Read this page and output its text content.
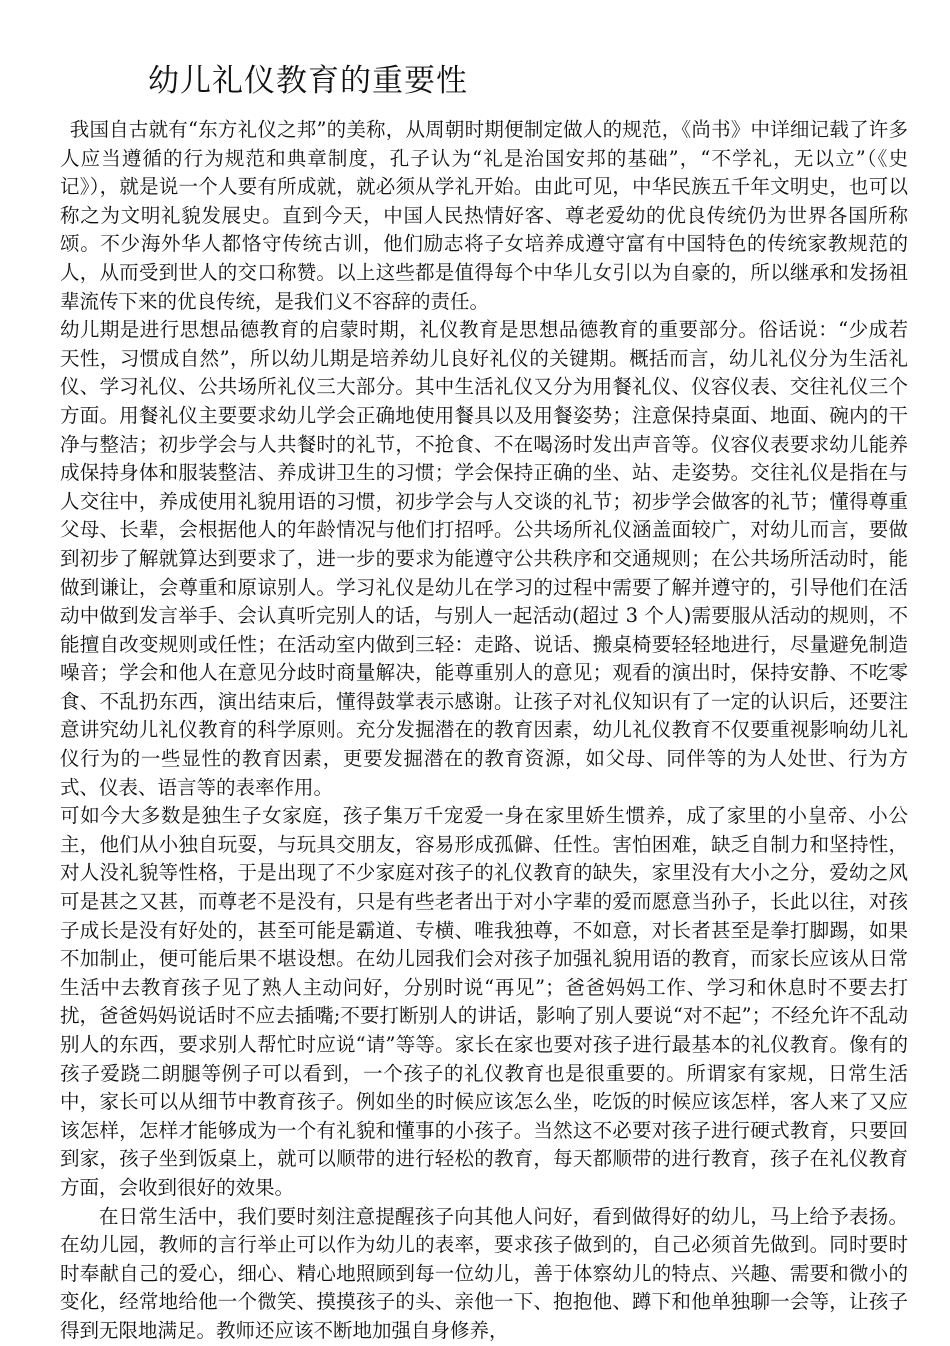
幼儿礼仪教育的重要性

我国自古就有“东方礼仪之邦”的美称，从周朝时期便制定做人的规范，《尚书》中详细记载了许多人应当遵循的行为规范和典章制度，孔子认为“礼是治国安邦的基础”，“不学礼，无以立”（《史记》），就是说一个人要有所成就，就必须从学礼开始。由此可见，中华民族五千年文明史，也可以称之为文明礼貌发展史。直到今天，中国人民热情好客、尊老爱幼的优良传统仍为世界各国所称颂。不少海外华人都恪守传统古训，他们励志将子女培养成遵守富有中国特色的传统家教规范的人，从而受到世人的交口称赞。以上这些都是值得每个中华儿女引以为自豪的，所以继承和发扬祖辈流传下来的优良传统，是我们义不容辞的责任。

幼儿期是进行思想品德教育的启蒙时期，礼仪教育是思想品德教育的重要部分。俗话说：“少成若天性，习惯成自然”，所以幼儿期是培养幼儿良好礼仪的关键期。概括而言，幼儿礼仪分为生活礼仪、学习礼仪、公共场所礼仪三大部分。其中生活礼仪又分为用餐礼仪、仪容仪表、交往礼仪三个方面。用餐礼仪主要要求幼儿学会正确地使用餐具以及用餐姿势；注意保持桌面、地面、碗内的干净与整洁；初步学会与人共餐时的礼节，不抢食、不在喝汤时发出声音等。仪容仪表要求幼儿能养成保持身体和服装整洁、养成讲卫生的习惯；学会保持正确的坐、站、走姿势。交往礼仪是指在与人交往中，养成使用礼貌用语的习惯，初步学会与人交谈的礼节；初步学会做客的礼节；懂得尊重父母、长辈，会根据他人的年龄情况与他们打招呼。公共场所礼仪涵盖面较广，对幼儿而言，要做到初步了解就算达到要求了，进一步的要求为能遵守公共秩序和交通规则；在公共场所活动时，能做到谦让，会尊重和原谅别人。学习礼仪是幼儿在学习的过程中需要了解并遵守的，引导他们在活动中做到发言举手、会认真听完别人的话，与别人一起活动(超过 3 个人)需要服从活动的规则，不能擅自改变规则或任性；在活动室内做到三轻：走路、说话、搬桌椅要轻轻地进行，尽量避免制造噪音；学会和他人在意见分歧时商量解决，能尊重别人的意见；观看的演出时，保持安静、不吃零食、不乱扔东西，演出结束后，懂得鼓掌表示感谢。让孩子对礼仪知识有了一定的认识后，还要注意讲究幼儿礼仪教育的科学原则。充分发掘潜在的教育因素，幼儿礼仪教育不仅要重视影响幼儿礼仪行为的一些显性的教育因素，更要发掘潜在的教育资源，如父母、同伴等的为人处世、行为方式、仪表、语言等的表率作用。

可如今大多数是独生子女家庭，孩子集万千宠爱一身在家里娇生惯养，成了家里的小皇帝、小公主，他们从小独自玩耍，与玩具交朋友，容易形成孤僻、任性。害怕困难，缺乏自制力和坚持性，对人没礼貌等性格，于是出现了不少家庭对孩子的礼仪教育的缺失，家里没有大小之分，爱幼之风可是甚之又甚，而尊老不是没有，只是有些老者出于对小字辈的爱而愿意当孙子，长此以往，对孩子成长是没有好处的，甚至可能是霸道、专横、唯我独尊，不如意，对长者甚至是拳打脚踢，如果不加制止，便可能后果不堪设想。在幼儿园我们会对孩子加强礼貌用语的教育，而家长应该从日常生活中去教育孩子见了熟人主动问好，分别时说“再见”；爸爸妈妈工作、学习和休息时不要去打扰，爸爸妈妈说话时不应去插嘴;不要打断别人的讲话，影响了别人要说“对不起”；不经允许不乱动别人的东西，要求别人帮忙时应说“请”等等。家长在家也要对孩子进行最基本的礼仪教育。像有的孩子爱跷二朗腿等例子可以看到，一个孩子的礼仪教育也是很重要的。所谓家有家规，日常生活中，家长可以从细节中教育孩子。例如坐的时候应该怎么坐，吃饭的时候应该怎样，客人来了又应该怎样，怎样才能够成为一个有礼貌和懂事的小孩子。当然这不必要对孩子进行硬式教育，只要回到家，孩子坐到饭桌上，就可以顺带的进行轻松的教育，每天都顺带的进行教育，孩子在礼仪教育方面，会收到很好的效果。

在日常生活中，我们要时刻注意提醒孩子向其他人问好，看到做得好的幼儿，马上给予表扬。在幼儿园，教师的言行举止可以作为幼儿的表率，要求孩子做到的，自己必须首先做到。同时要时时奉献自己的爱心，细心、精心地照顾到每一位幼儿，善于体察幼儿的特点、兴趣、需要和微小的变化，经常地给他一个微笑、摸摸孩子的头、亲他一下、抱抱他、蹲下和他单独聊一会等，让孩子得到无限地满足。教师还应该不断地加强自身修养，
